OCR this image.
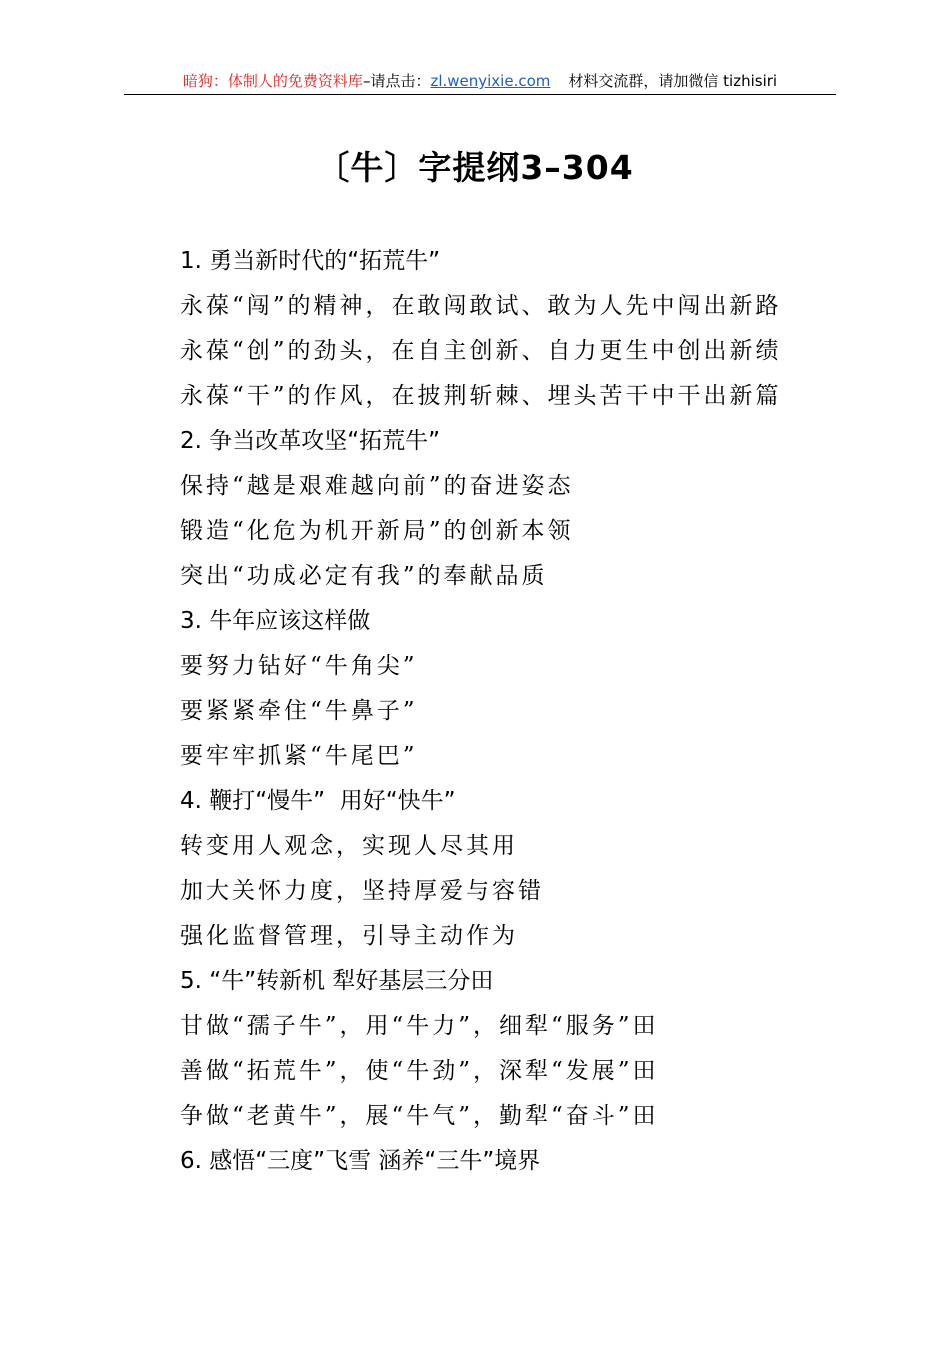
暗狗：体制人的免费资料库–请点击：zl.wenyixie.com 材料交流群，请加微信 tizhisiri
〔牛〕字提纲3–304
1. 勇当新时代的“拓荒牛”
永葆“闯”的精神，在敢闯敢试、敢为人先中闯出新路
永葆“创”的劲头，在自主创新、自力更生中创出新绩
永葆“干”的作风，在披荆斩棘、埋头苦干中干出新篇
2. 争当改革攻坚“拓荒牛”
保持“越是艰难越向前”的奋进姿态
锻造“化危为机开新局”的创新本领
突出“功成必定有我”的奉献品质
3. 牛年应该这样做
要努力钻好“牛角尖”
要紧紧牵住“牛鼻子”
要牢牢抓紧“牛尾巴”
4. 鞭打“慢牛”  用好“快牛”
转变用人观念，实现人尽其用
加大关怀力度，坚持厚爱与容错
强化监督管理，引导主动作为
5. “牛”转新机 犁好基层三分田
甘做“孺子牛”，用“牛力”，细犁“服务”田
善做“拓荒牛”，使“牛劲”，深犁“发展”田
争做“老黄牛”，展“牛气”，勤犁“奋斗”田
6. 感悟“三度”飞雪 涵养“三牛”境界
